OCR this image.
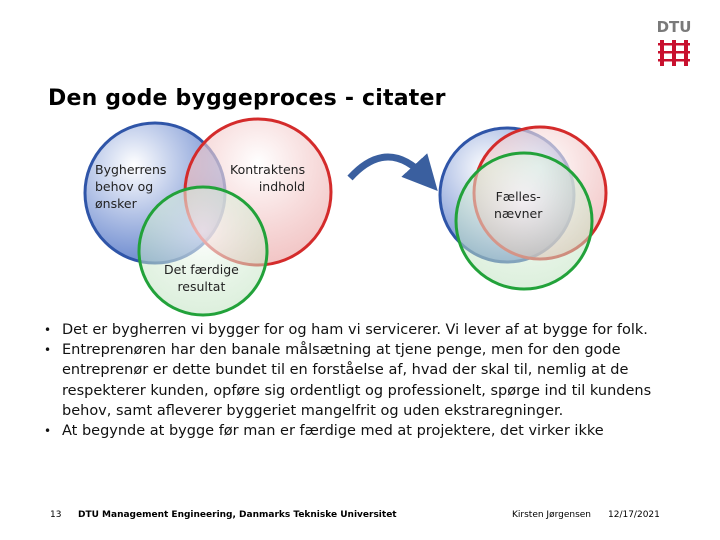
DTU
Den gode byggeproces - citater
Bygherrens
behov og
ønsker
Kontraktens
indhold
Det færdige
resultat
Fælles-
nævner
• Det er bygherren vi bygger for og ham vi servicerer. Vi lever af at bygge for folk.
• Entreprenøren har den banale målsætning at tjene penge, men for den gode entreprenør er dette bundet til en forståelse af, hvad der skal til, nemlig at de respekterer kunden, opføre sig ordentligt og professionelt, spørge ind til kundens behov, samt afleverer byggeriet mangelfrit og uden ekstraregninger.
• At begynde at bygge før man er færdige med at projektere, det virker ikke
13 DTU Management Engineering, Danmarks Tekniske Universitet	Kirsten Jørgensen 12/17/2021
